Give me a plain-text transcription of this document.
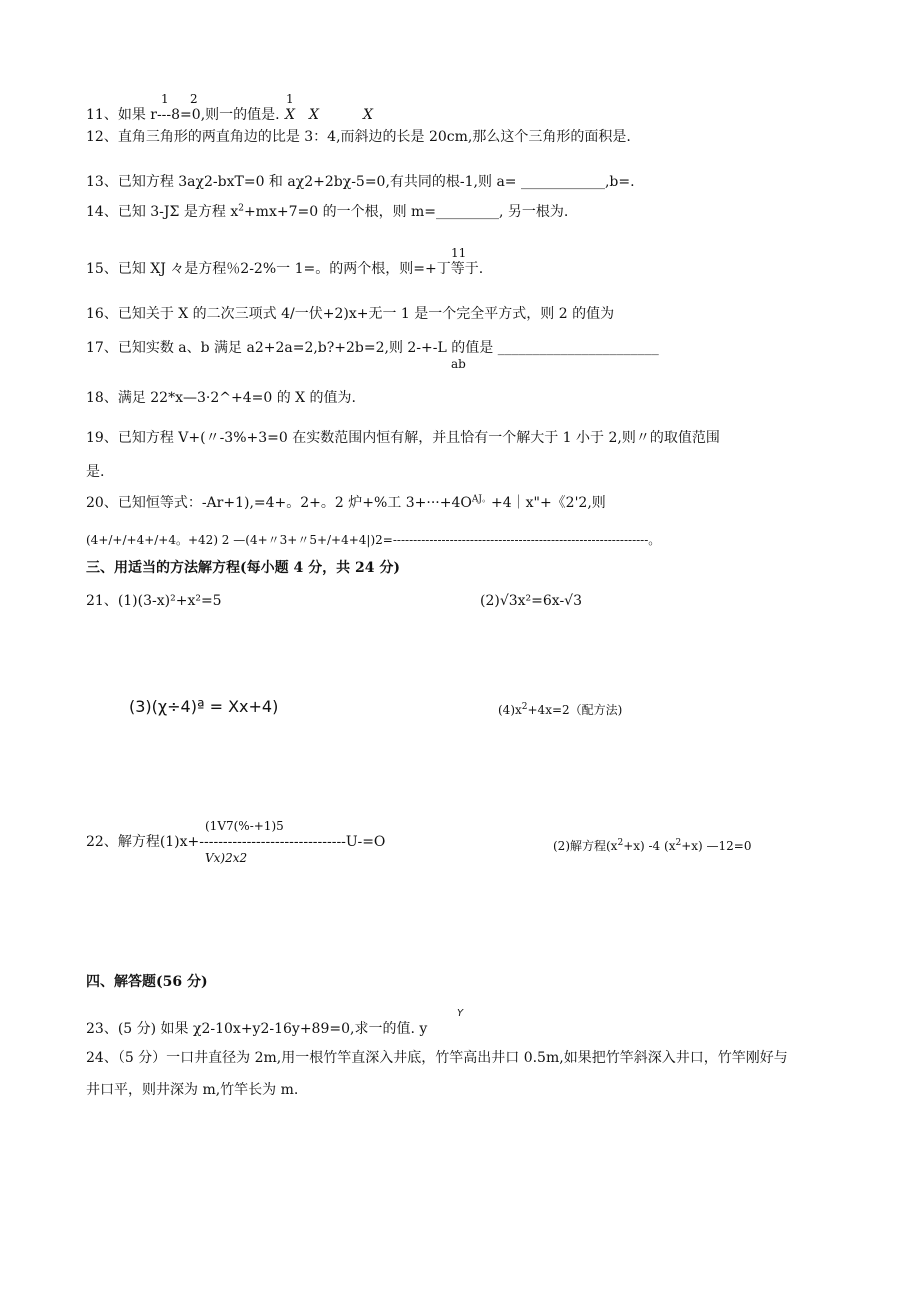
1 2	1
11、如果 r---8=0,则一的值是. X X	X
12、直角三角形的两直角边的比是 3：4,而斜边的长是 20cm,那么这个三角形的面积是.
13、已知方程 3aχ2-bxT=0 和 aχ2+2bχ-5=0,有共同的根-1,则 a= ____________,b=.
14、已知 3-JΣ 是方程 $x^2+mx+7=0$ 的一个根，则 m=_________, 另一根为.
11
15、已知 XJ 々是方程％2-2%一 1=。的两个根，则=+丁等于.
16、已知关于 X 的二次三项式 4/一伏+2)x+无一 1 是一个完全平方式，则 2 的值为
17、已知实数 a、b 满足 a2+2a=2,b?+2b=2,则 2-+-L 的值是 _______________________
ab
18、满足 22*x—3·2^+4=0 的 X 的值为.
19、已知方程 V+(〃-3%+3=0 在实数范围内恒有解，并且恰有一个解大于 1 小于 2,则〃的取值范围
是.
20、已知恒等式：-Ar+1),=4+。2+。2 炉+%工 $3+\cdot\cdot\cdot+4O^{AJ。}+4|x"+$《2'2,则
(4+/+/+4+/+4。+42) 2 —(4+〃3+〃5+/+4+4|)2=---------------------------------------------------------------。
三、用适当的方法解方程(每小题 4 分，共 24 分)
21、(1)(3-x)²+x²=5	(2)√3x²=6x-√3
(3)(χ÷4)ª = Xx+4)	$(4)x^2+4x=2$（配方法)
(1V7(%-+1)5
22、解方程(1)x+-------------------------------U-=O
Vx)2x2
(2)解方程$(x^2+x)$ -4 $(x^2+x)$ —12=0
四、解答题(56 分)
Y
23、(5 分) 如果 χ2-10x+y2-16y+89=0,求一的值. y
24、（5 分）一口井直径为 2m,用一根竹竿直深入井底，竹竿高出井口 0.5m,如果把竹竿斜深入井口，竹竿刚好与
井口平，则井深为 m,竹竿长为 m.
